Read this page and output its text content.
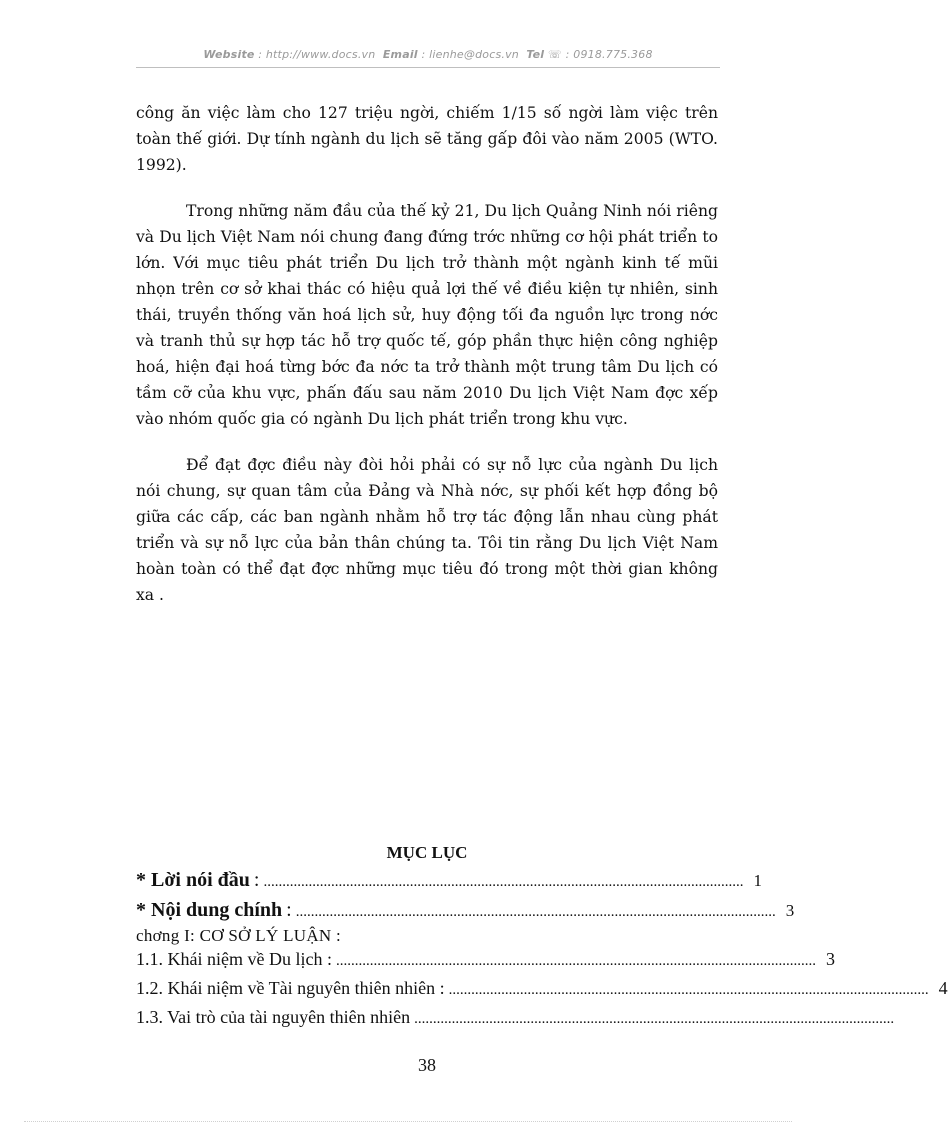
Website : http://www.docs.vn Email : lienhe@docs.vn Tel ☏ : 0918.775.368

công ăn việc làm cho 127 triệu ngời, chiếm 1/15 số ngời làm việc trên toàn thế giới. Dự tính ngành du lịch sẽ tăng gấp đôi vào năm 2005 (WTO. 1992).

Trong những năm đầu của thế kỷ 21, Du lịch Quảng Ninh nói riêng và Du lịch Việt Nam nói chung đang đứng trớc những cơ hội phát triển to lớn. Với mục tiêu phát triển Du lịch trở thành một ngành kinh tế mũi nhọn trên cơ sở khai thác có hiệu quả lợi thế về điều kiện tự nhiên, sinh thái, truyền thống văn hoá lịch sử, huy động tối đa nguồn lực trong nớc và tranh thủ sự hợp tác hỗ trợ quốc tế, góp phần thực hiện công nghiệp hoá, hiện đại hoá từng bớc đa nớc ta trở thành một trung tâm Du lịch có tầm cỡ của khu vực, phấn đấu sau năm 2010 Du lịch Việt Nam đợc xếp vào nhóm quốc gia có ngành Du lịch phát triển trong khu vực.

Để đạt đợc điều này đòi hỏi phải có sự nỗ lực của ngành Du lịch nói chung, sự quan tâm của Đảng và Nhà nớc, sự phối kết hợp đồng bộ giữa các cấp, các ban ngành nhằm hỗ trợ tác động lẫn nhau cùng phát triển và sự nỗ lực của bản thân chúng ta. Tôi tin rằng Du lịch Việt Nam hoàn toàn có thể đạt đợc những mục tiêu đó trong một thời gian không xa .

MỤC LỤC
* Lời nói đầu : ................................................................................................................................ 1
* Nội dung chính : ................................................................................................................................ 3
chơng I: CƠ SỞ LÝ LUẬN :
1.1. Khái niệm về Du lịch : ................................................................................................................................ 3
1.2. Khái niệm về Tài nguyên thiên nhiên : ................................................................................................................................ 4
1.3. Vai trò của tài nguyên thiên nhiên ................................................................................................................................
38
